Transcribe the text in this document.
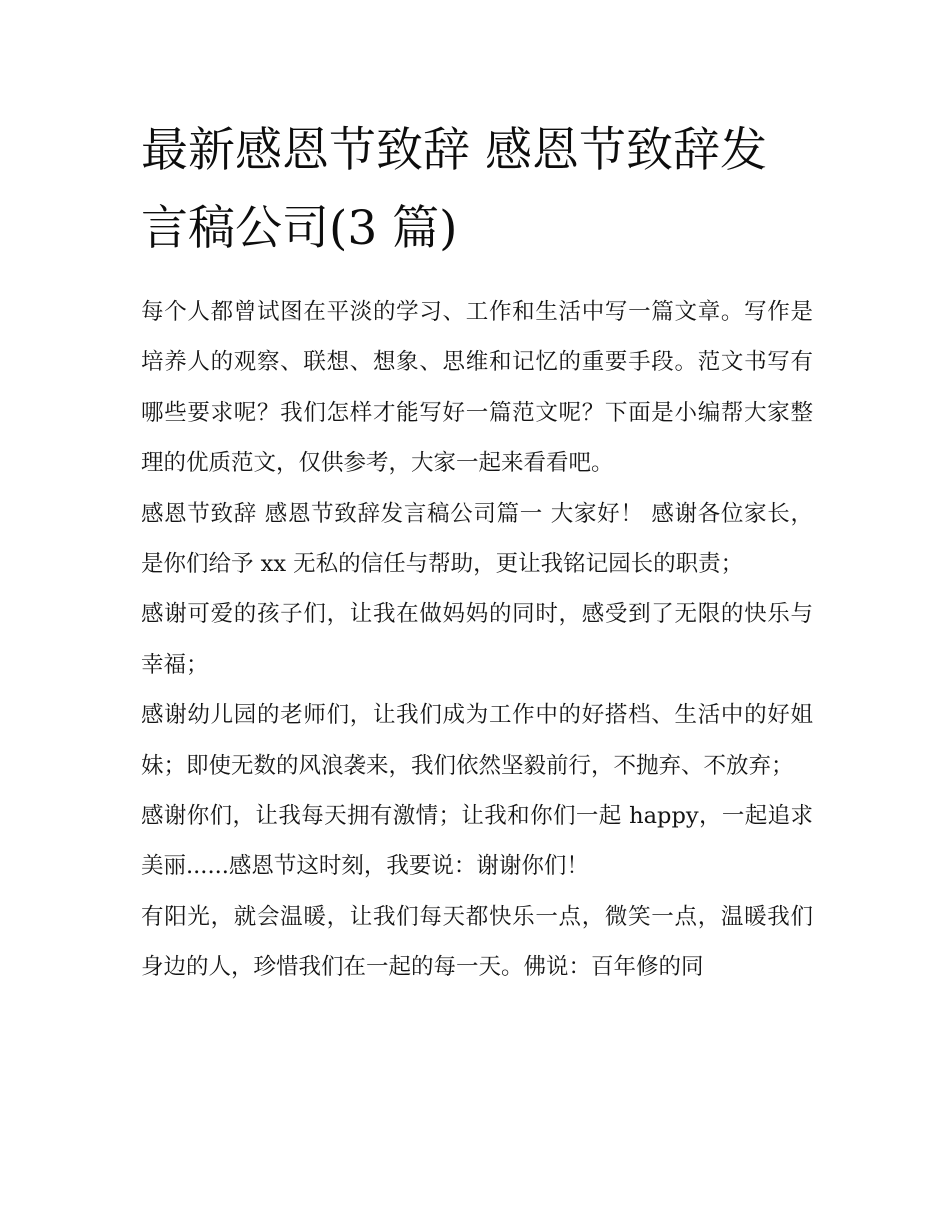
最新感恩节致辞 感恩节致辞发言稿公司(3 篇)

每个人都曾试图在平淡的学习、工作和生活中写一篇文章。写作是培养人的观察、联想、想象、思维和记忆的重要手段。范文书写有哪些要求呢？我们怎样才能写好一篇范文呢？下面是小编帮大家整理的优质范文，仅供参考，大家一起来看看吧。

感恩节致辞 感恩节致辞发言稿公司篇一 大家好！ 感谢各位家长，是你们给予 xx 无私的信任与帮助，更让我铭记园长的职责；

感谢可爱的孩子们，让我在做妈妈的同时，感受到了无限的快乐与幸福；

感谢幼儿园的老师们，让我们成为工作中的好搭档、生活中的好姐妹；即使无数的风浪袭来，我们依然坚毅前行，不抛弃、不放弃；

感谢你们，让我每天拥有激情；让我和你们一起 happy，一起追求美丽......感恩节这时刻，我要说：谢谢你们！

有阳光，就会温暖，让我们每天都快乐一点，微笑一点，温暖我们身边的人，珍惜我们在一起的每一天。佛说：百年修的同
